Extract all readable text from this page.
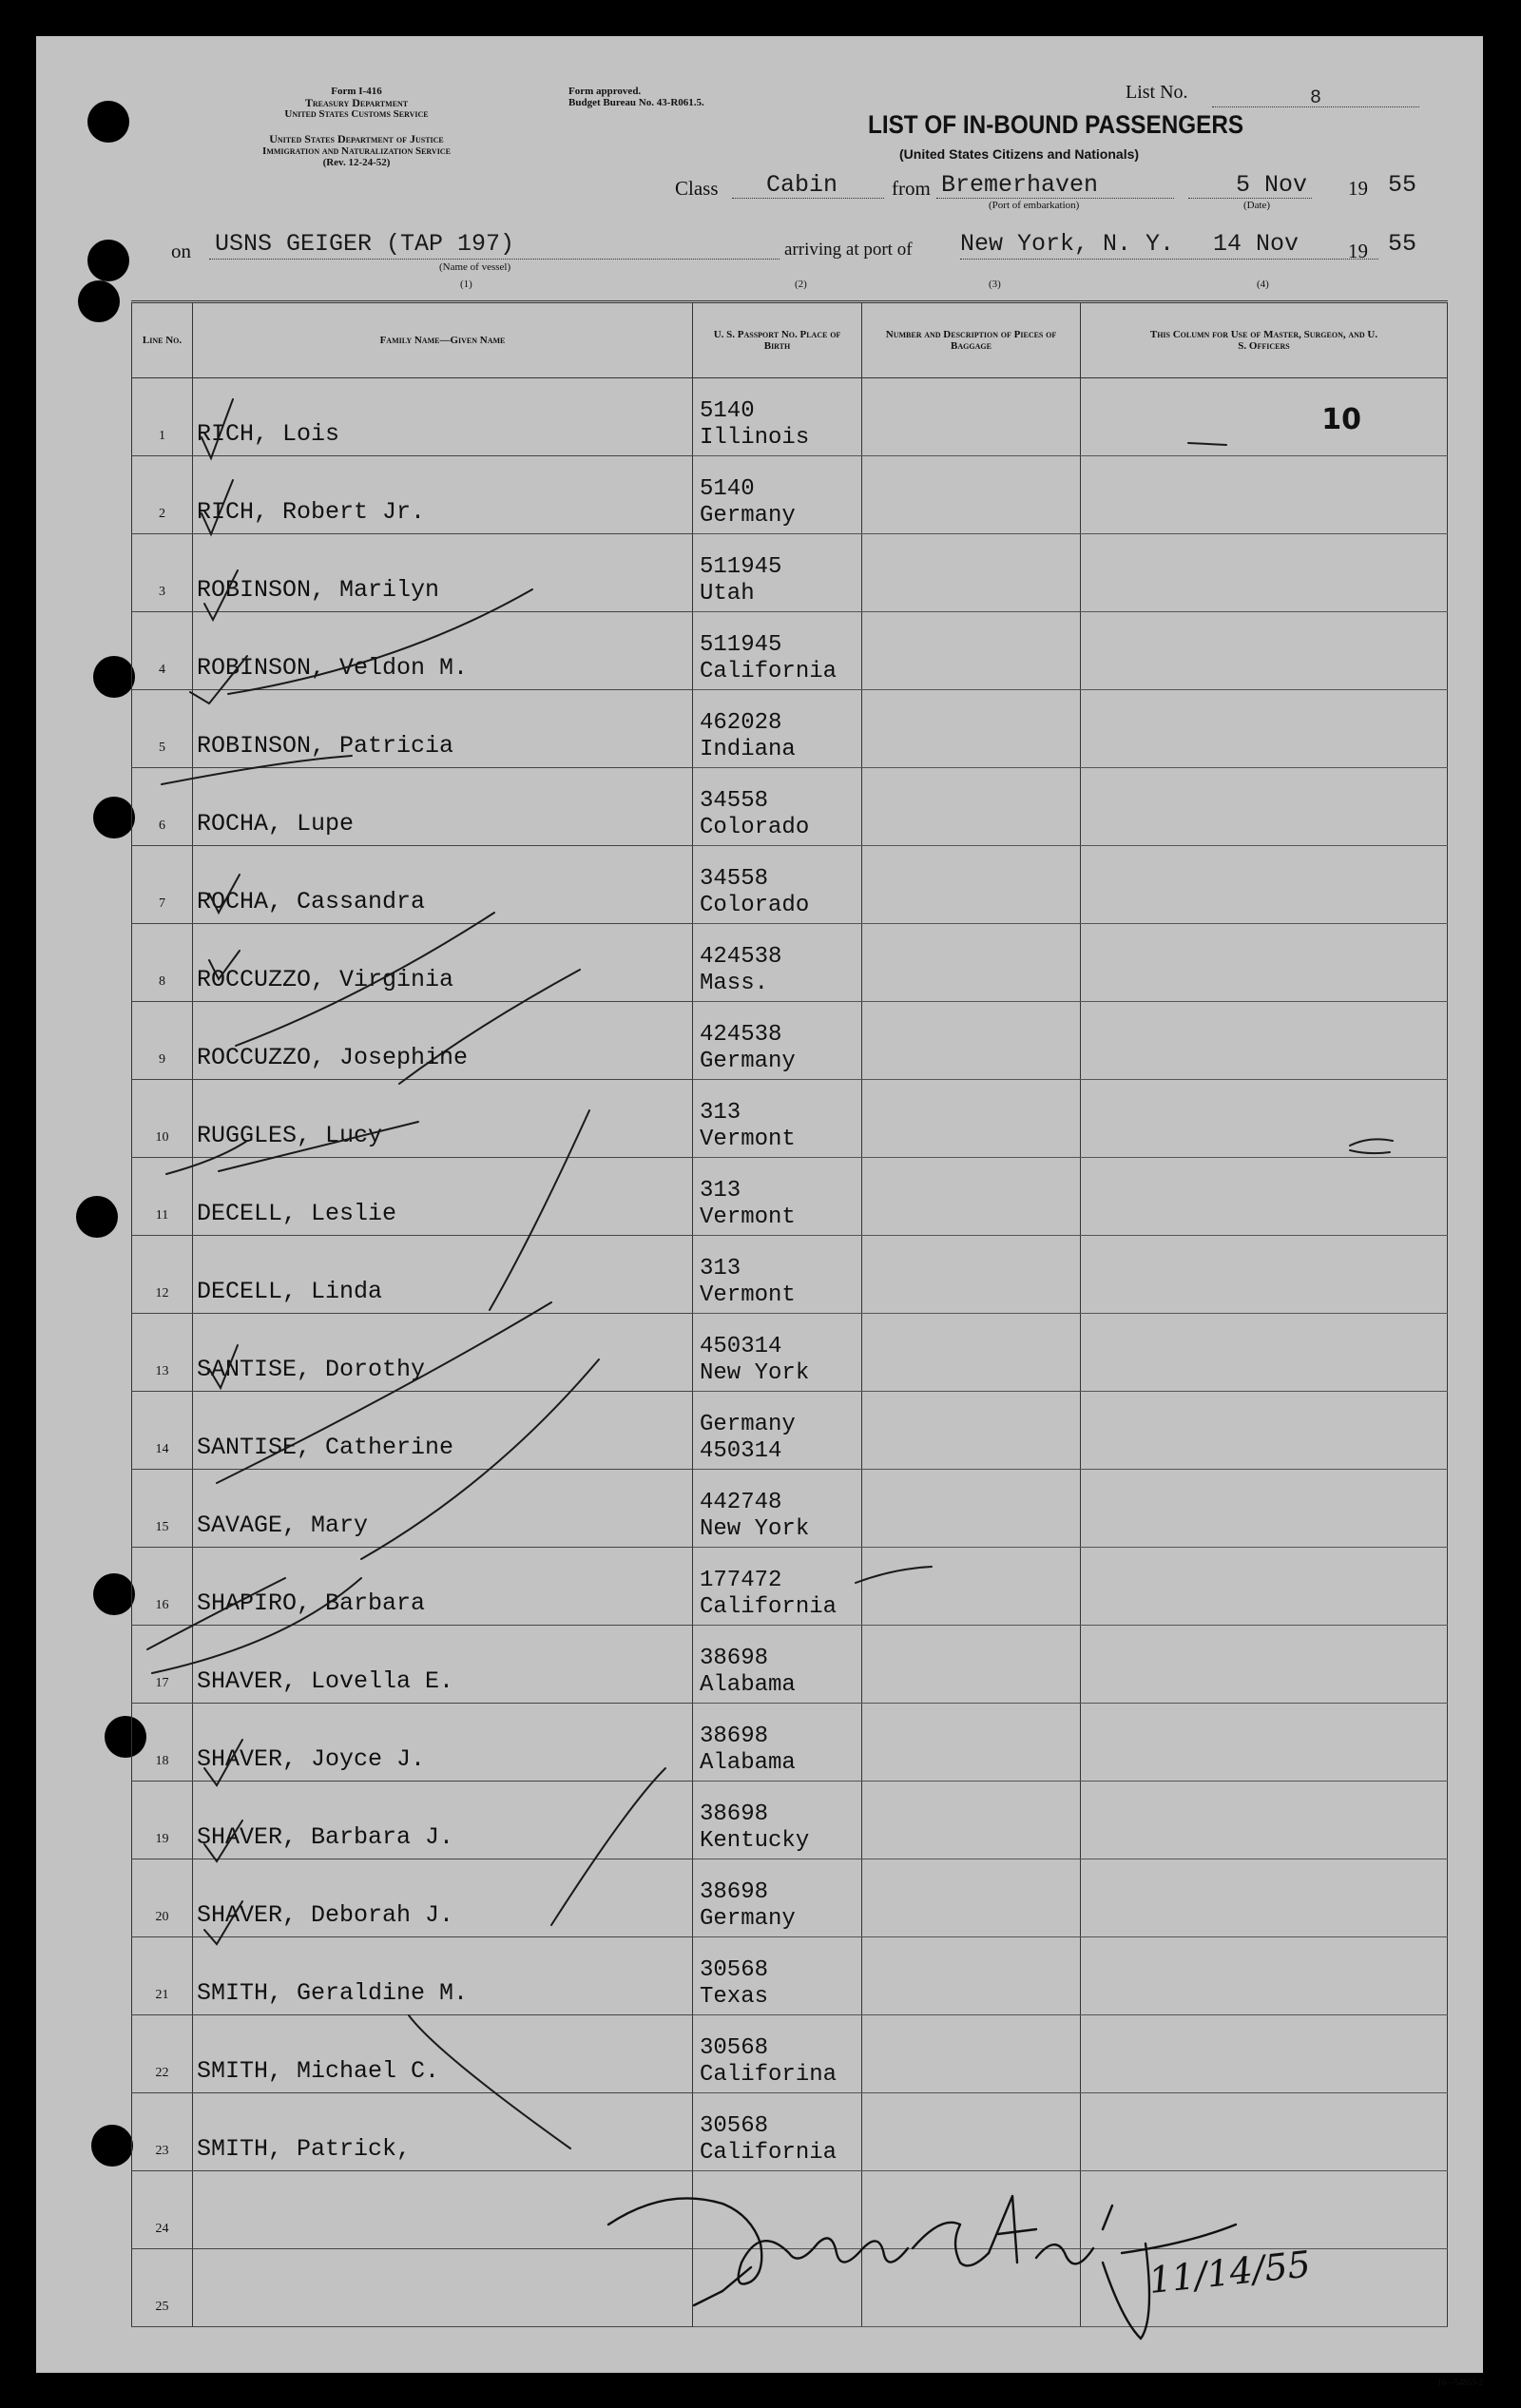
Form I-416
Treasury Department
United States Customs Service
United States Department of Justice
Immigration and Naturalization Service
(Rev. 12-24-52)
Form approved.
Budget Bureau No. 43-R061.5.	List No.	8
LIST OF IN-BOUND PASSENGERS
(United States Citizens and Nationals)
Class Cabin	from Bremerhaven
(Port of embarkation)
5 Nov
(Date)
19 55
on USNS GEIGER (TAP 197)
(Name of vessel)
arriving at port of New York, N. Y. 14 Nov 19 55
(1)	(2)	(3)	(4)
Line No.	Family Name—Given Name	U. S. Passport No. Place of Birth	Number and Description of Pieces of Baggage	This Column for Use of Master, Surgeon, and U. S. Officers
1	RICH, Lois	5140
Illinois		10

2	RICH, Robert Jr.	5140
Germany		

3	ROBINSON, Marilyn	511945
Utah		

4	ROBINSON, Veldon M.	511945
California		

5	ROBINSON, Patricia	462028
Indiana		

6	ROCHA, Lupe	34558
Colorado		

7	ROCHA, Cassandra	34558
Colorado		

8	ROCCUZZO, Virginia	424538
Mass.		

9	ROCCUZZO, Josephine	424538
Germany		

10	RUGGLES, Lucy	313
Vermont		

11	DECELL, Leslie	313
Vermont		

12	DECELL, Linda	313
Vermont		

13	SANTISE, Dorothy	450314
New York		

14	SANTISE, Catherine	Germany
450314		

15	SAVAGE, Mary	442748
New York		

16	SHAPIRO, Barbara	177472
California		

17	SHAVER, Lovella E.	38698
Alabama		

18	SHAVER, Joyce J.	38698
Alabama		

19	SHAVER, Barbara J.	38698
Kentucky		

20	SHAVER, Deborah J.	38698
Germany		

21	SMITH, Geraldine M.	30568
Texas		

22	SMITH, Michael C.	30568
Califorina		

23	SMITH, Patrick,	30568
California		

24	

25	

11/14/55
16—54853-2
